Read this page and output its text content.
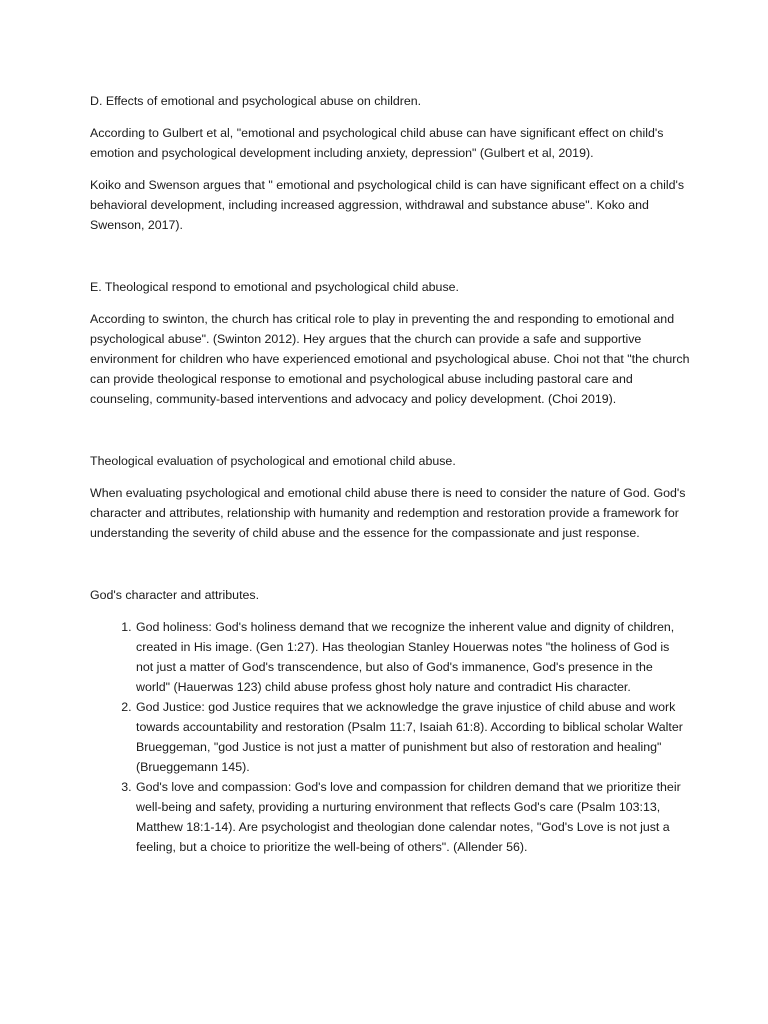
D. Effects of emotional and psychological abuse on children.

According to Gulbert et al, "emotional and psychological child abuse can have significant effect on child's emotion and psychological development including anxiety, depression" (Gulbert et al, 2019).

Koiko and Swenson argues that " emotional and psychological child is can have significant effect on a child's behavioral development, including increased aggression, withdrawal and substance abuse". Koko and Swenson, 2017).

E. Theological respond to emotional and psychological child abuse.

According to swinton, the church has critical role to play in preventing the and responding to emotional and psychological abuse". (Swinton 2012). Hey argues that the church can provide a safe and supportive environment for children who have experienced emotional and psychological abuse. Choi not that "the church can provide theological response to emotional and psychological abuse including pastoral care and counseling, community-based interventions and advocacy and policy development. (Choi 2019).

Theological evaluation of psychological and emotional child abuse.

When evaluating psychological and emotional child abuse there is need to consider the nature of God. God's character and attributes, relationship with humanity and redemption and restoration provide a framework for understanding the severity of child abuse and the essence for the compassionate and just response.

God's character and attributes.

1. God holiness: God's holiness demand that we recognize the inherent value and dignity of children, created in His image. (Gen 1:27). Has theologian Stanley Houerwas notes "the holiness of God is not just a matter of God's transcendence, but also of God's immanence, God's presence in the world" (Hauerwas 123) child abuse profess ghost holy nature and contradict His character.
2. God Justice: god Justice requires that we acknowledge the grave injustice of child abuse and work towards accountability and restoration (Psalm 11:7, Isaiah 61:8). According to biblical scholar Walter Brueggeman, "god Justice is not just a matter of punishment but also of restoration and healing" (Brueggemann 145).
3. God's love and compassion: God's love and compassion for children demand that we prioritize their well-being and safety, providing a nurturing environment that reflects God's care (Psalm 103:13, Matthew 18:1-14). Are psychologist and theologian done calendar notes, "God's Love is not just a feeling, but a choice to prioritize the well-being of others". (Allender 56).
